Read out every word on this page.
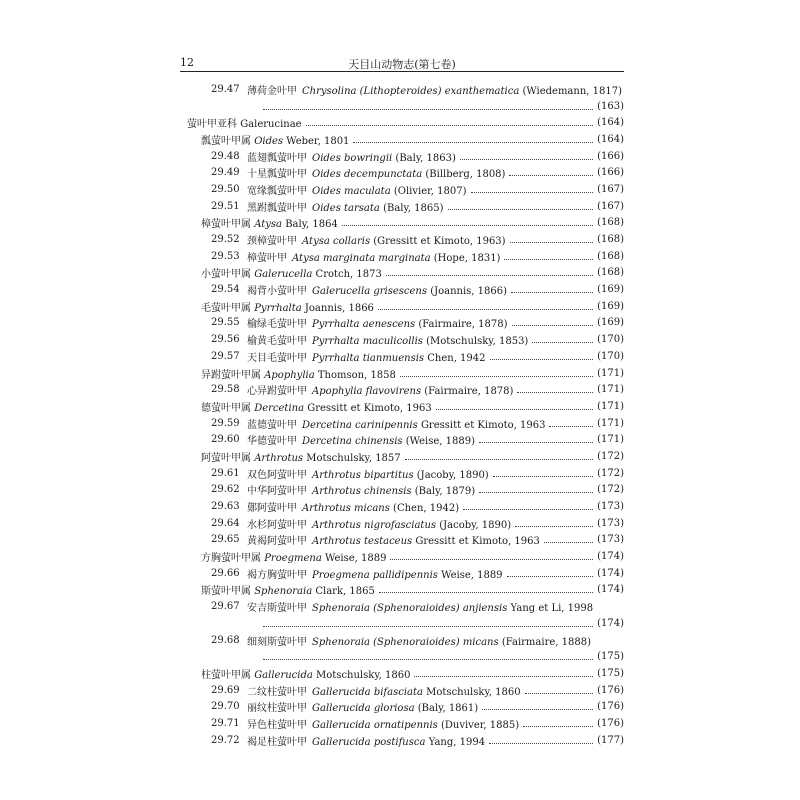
12	天目山动物志(第七卷)
29.47 薄荷金叶甲 Chrysolina (Lithopteroides) exanthematica (Wiedemann, 1817)
(163)
萤叶甲亚科 Galerucinae	(164)
瓢萤叶甲属 Oides Weber, 1801	(164)
29.48 蓝翅瓢萤叶甲 Oides bowringii (Baly, 1863)	(166)
29.49 十星瓢萤叶甲 Oides decempunctata (Billberg, 1808)	(166)
29.50 宽缘瓢萤叶甲 Oides maculata (Olivier, 1807)	(167)
29.51 黑跗瓢萤叶甲 Oides tarsata (Baly, 1865)	(167)
樟萤叶甲属 Atysa Baly, 1864	(168)
29.52 颈樟萤叶甲 Atysa collaris (Gressitt et Kimoto, 1963)	(168)
29.53 樟萤叶甲 Atysa marginata marginata (Hope, 1831)	(168)
小萤叶甲属 Galerucella Crotch, 1873	(168)
29.54 褐背小萤叶甲 Galerucella grisescens (Joannis, 1866)	(169)
毛萤叶甲属 Pyrrhalta Joannis, 1866	(169)
29.55 榆绿毛萤叶甲 Pyrrhalta aenescens (Fairmaire, 1878)	(169)
29.56 榆黄毛萤叶甲 Pyrrhalta maculicollis (Motschulsky, 1853)	(170)
29.57 天目毛萤叶甲 Pyrrhalta tianmuensis Chen, 1942	(170)
异跗萤叶甲属 Apophylia Thomson, 1858	(171)
29.58 心异跗萤叶甲 Apophylia flavovirens (Fairmaire, 1878)	(171)
德萤叶甲属 Dercetina Gressitt et Kimoto, 1963	(171)
29.59 蓝德萤叶甲 Dercetina carinipennis Gressitt et Kimoto, 1963	(171)
29.60 华德萤叶甲 Dercetina chinensis (Weise, 1889)	(171)
阿萤叶甲属 Arthrotus Motschulsky, 1857	(172)
29.61 双色阿萤叶甲 Arthrotus bipartitus (Jacoby, 1890)	(172)
29.62 中华阿萤叶甲 Arthrotus chinensis (Baly, 1879)	(172)
29.63 鄚阿萤叶甲 Arthrotus micans (Chen, 1942)	(173)
29.64 水杉阿萤叶甲 Arthrotus nigrofasciatus (Jacoby, 1890)	(173)
29.65 黄褐阿萤叶甲 Arthrotus testaceus Gressitt et Kimoto, 1963	(173)
方胸萤叶甲属 Proegmena Weise, 1889	(174)
29.66 褐方胸萤叶甲 Proegmena pallidipennis Weise, 1889	(174)
斯萤叶甲属 Sphenoraia Clark, 1865	(174)
29.67 安吉斯萤叶甲 Sphenoraia (Sphenoraioides) anjiensis Yang et Li, 1998
(174)
29.68 细刻斯萤叶甲 Sphenoraia (Sphenoraioides) micans (Fairmaire, 1888)
(175)
柱萤叶甲属 Gallerucida Motschulsky, 1860	(175)
29.69 二纹柱萤叶甲 Gallerucida bifasciata Motschulsky, 1860	(176)
29.70 丽纹柱萤叶甲 Gallerucida gloriosa (Baly, 1861)	(176)
29.71 异色柱萤叶甲 Gallerucida ornatipennis (Duviver, 1885)	(176)
29.72 褐足柱萤叶甲 Gallerucida postifusca Yang, 1994	(177)
